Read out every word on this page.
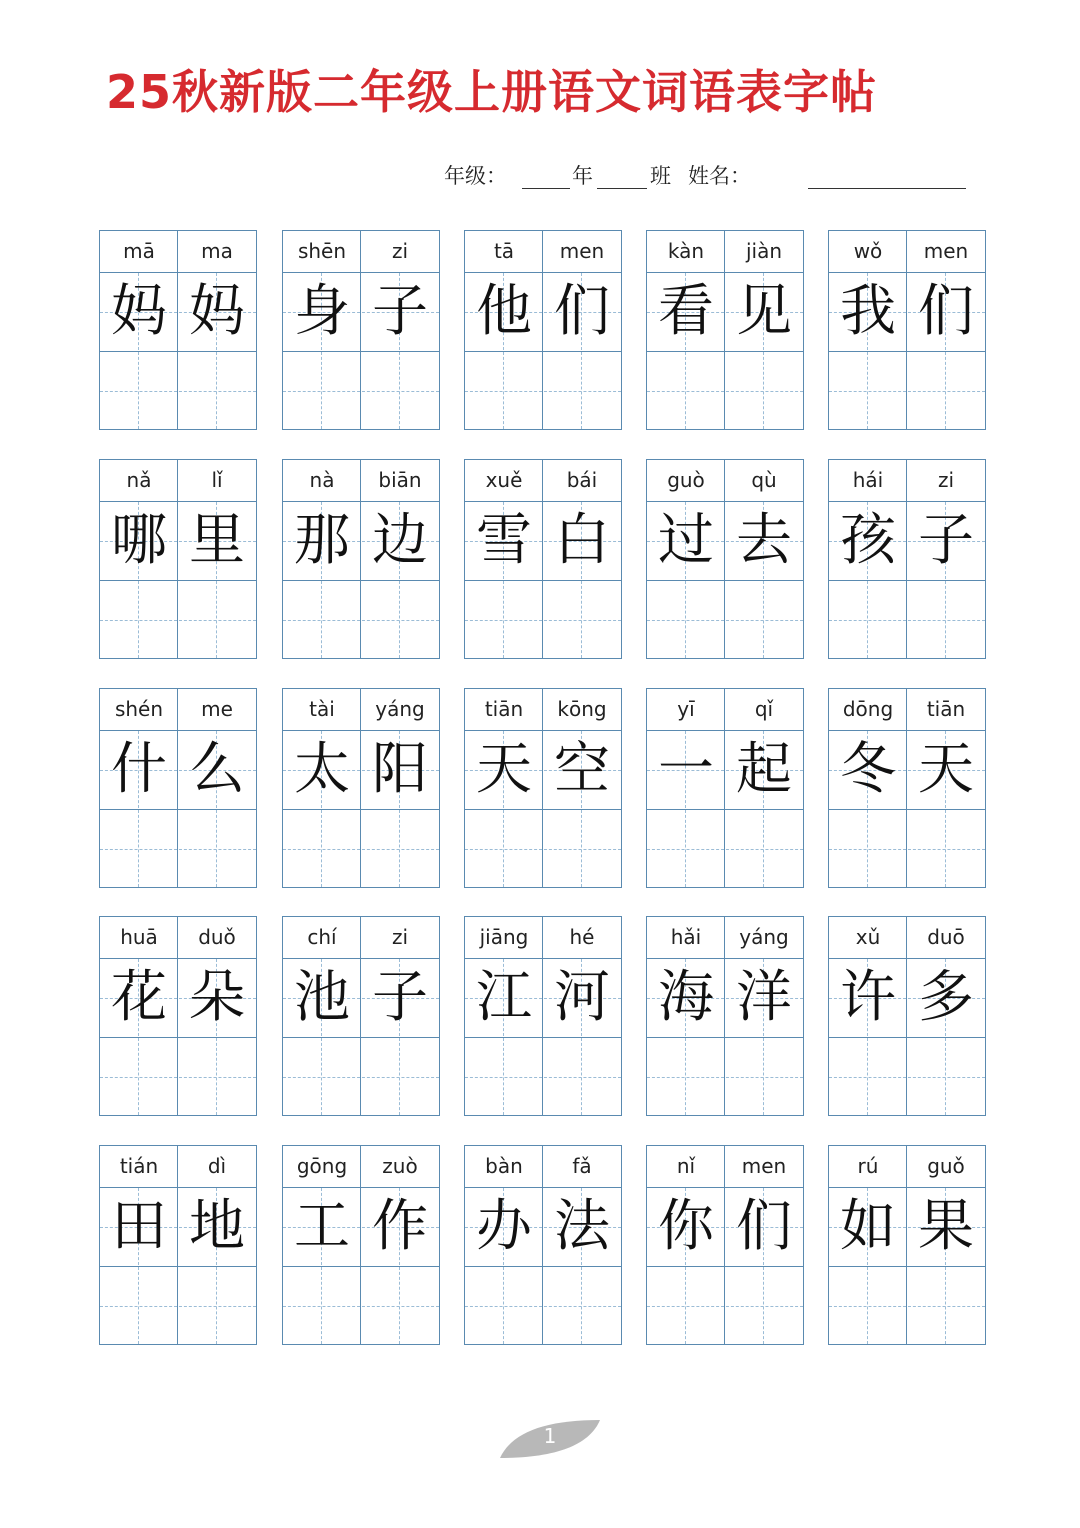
25秋新版二年级上册语文词语表字帖
年级：	年	班 姓名：
mā
妈
ma
妈
shēn
身
zi
子
tā
他
men
们
kàn
看
jiàn
见
wǒ
我
men
们
nǎ
哪
lǐ
里
nà
那
biān
边
xuě
雪
bái
白
guò
过
qù
去
hái
孩
zi
子
shén
什
me
么
tài
太
yáng
阳
tiān
天
kōng
空
yī
一
qǐ
起
dōng
冬
tiān
天
huā
花
duǒ
朵
chí
池
zi
子
jiāng
江
hé
河
hǎi
海
yáng
洋
xǔ
许
duō
多
tián
田
dì
地
gōng
工
zuò
作
bàn
办
fǎ
法
nǐ
你
men
们
rú
如
guǒ
果
1
